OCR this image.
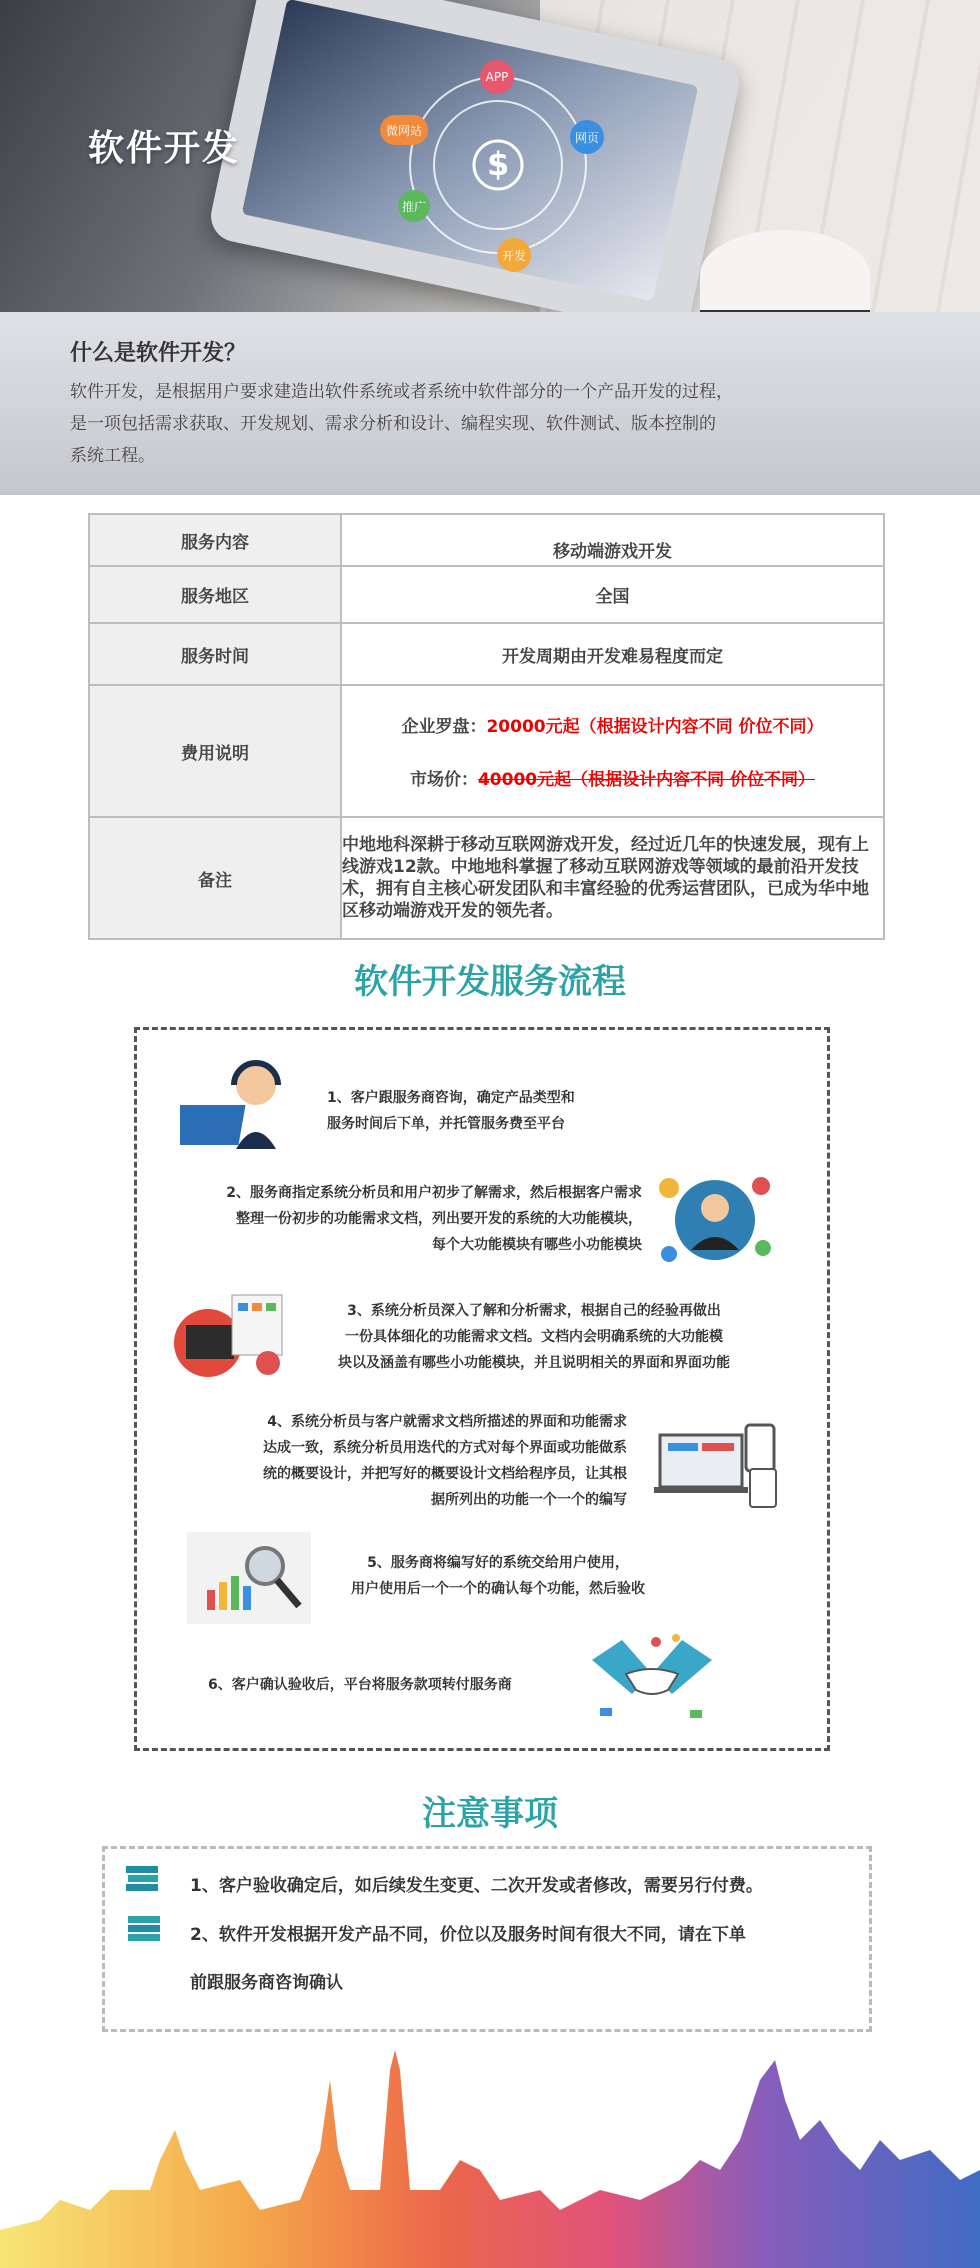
$
APP
微网站	网页
推广
开发
软件开发
什么是软件开发？
软件开发，是根据用户要求建造出软件系统或者系统中软件部分的一个产品开发的过程，
是一项包括需求获取、开发规划、需求分析和设计、编程实现、软件测试、版本控制的
系统工程。
服务内容	移动端游戏开发
服务地区	全国
服务时间	开发周期由开发难易程度而定
费用说明	企业罗盘：20000元起（根据设计内容不同 价位不同）
市场价：40000元起（根据设计内容不同 价位不同）

备注	中地地科深耕于移动互联网游戏开发，经过近几年的快速发展，现有上线游戏12款。中地地科掌握了移动互联网游戏等领域的最前沿开发技术，拥有自主核心研发团队和丰富经验的优秀运营团队，已成为华中地区移动端游戏开发的领先者。
软件开发服务流程
1、客户跟服务商咨询，确定产品类型和
服务时间后下单，并托管服务费至平台
2、服务商指定系统分析员和用户初步了解需求，然后根据客户需求
整理一份初步的功能需求文档，列出要开发的系统的大功能模块，
每个大功能模块有哪些小功能模块
3、系统分析员深入了解和分析需求，根据自己的经验再做出
一份具体细化的功能需求文档。文档内会明确系统的大功能模
块以及涵盖有哪些小功能模块，并且说明相关的界面和界面功能
4、系统分析员与客户就需求文档所描述的界面和功能需求
达成一致，系统分析员用迭代的方式对每个界面或功能做系
统的概要设计，并把写好的概要设计文档给程序员，让其根
据所列出的功能一个一个的编写
5、服务商将编写好的系统交给用户使用，
用户使用后一个一个的确认每个功能，然后验收
6、客户确认验收后，平台将服务款项转付服务商
注意事项
1、客户验收确定后，如后续发生变更、二次开发或者修改，需要另行付费。
2、软件开发根据开发产品不同，价位以及服务时间有很大不同，请在下单
前跟服务商咨询确认
